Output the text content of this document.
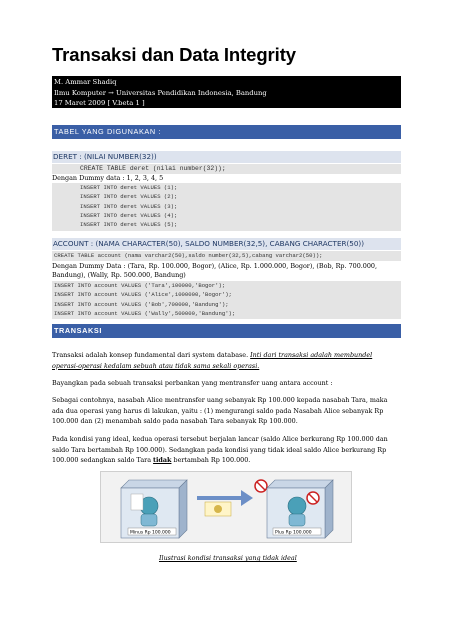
Transaksi dan Data Integrity
M. Ammar Shadiq
Ilmu Komputer → Universitas Pendidikan Indonesia, Bandung
17 Maret 2009 [ V.beta 1 ]
TABEL YANG DIGUNAKAN :
DERET : (NILAI NUMBER(32))
CREATE TABLE deret (nilai number(32));
Dengan Dummy data : 1, 2, 3, 4, 5
INSERT INTO deret VALUES (1);
INSERT INTO deret VALUES (2);
INSERT INTO deret VALUES (3);
INSERT INTO deret VALUES (4);
INSERT INTO deret VALUES (5);
ACCOUNT : (NAMA CHARACTER(50), SALDO NUMBER(32,5), CABANG CHARACTER(50))
CREATE TABLE account (nama varchar2(50),saldo number(32,5),cabang varchar2(50));
Dengan Dummy Data : (Tara, Rp. 100.000, Bogor), (Alice, Rp. 1.000.000, Bogor), (Bob, Rp. 700.000,
Bandung), (Wally, Rp. 500.000, Bandung)
INSERT INTO account VALUES ('Tara',100000,'Bogor');
INSERT INTO account VALUES ('Alice',1000000,'Bogor');
INSERT INTO account VALUES ('Bob',700000,'Bandung');
INSERT INTO account VALUES ('Wally',500000,'Bandung');
TRANSAKSI
Transaksi adalah konsep fundamental dari system database. Inti dari transaksi adalah membundel
operasi-operasi kedalam sebuah atau tidak sama sekali operasi.
Bayangkan pada sebuah transaksi perbankan yang mentransfer uang antara account :
Sebagai contohnya, nasabah Alice mentransfer uang sebanyak Rp 100.000 kepada nasabah Tara, maka
ada dua operasi yang harus di lakukan, yaitu : (1) mengurangi saldo pada Nasabah Alice sebanyak Rp
100.000 dan (2) menambah saldo pada nasabah Tara sebanyak Rp 100.000.
Pada kondisi yang ideal, kedua operasi tersebut berjalan lancar (saldo Alice berkurang Rp 100.000 dan
saldo Tara bertambah Rp 100.000). Sedangkan pada kondisi yang tidak ideal saldo Alice berkurang Rp
100.000 sedangkan saldo Tara tidak bertambah Rp 100.000.
Minus Rp 100.000	Plus Rp 100.000
Ilustrasi kondisi transaksi yang tidak ideal
